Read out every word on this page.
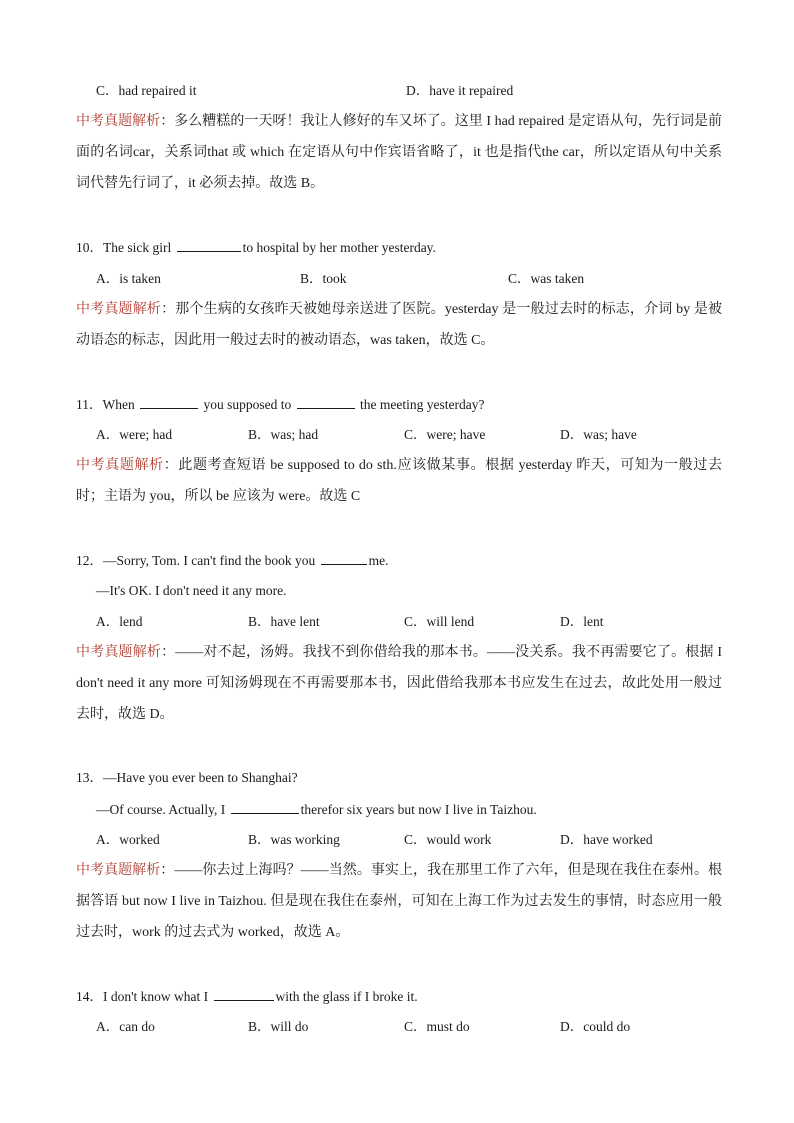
C．had repaired it	D．have it repaired
中考真题解析：多么糟糕的一天呀！我让人修好的车又坏了。这里 I had repaired 是定语从句，先行词是前面的名词car，关系词that 或 which 在定语从句中作宾语省略了，it 也是指代the car，所以定语从句中关系词代替先行词了，it 必须去掉。故选 B。
10．The sick girl	to hospital by her mother yesterday.
A．is taken	B．took	C．was taken
中考真题解析：那个生病的女孩昨天被她母亲送进了医院。yesterday 是一般过去时的标志，介词 by 是被动语态的标志，因此用一般过去时的被动语态，was taken，故选 C。
11．When	you supposed to	the meeting yesterday?
A．were; had	B．was; had	C．were; have	D．was; have
中考真题解析：此题考查短语 be supposed to do sth.应该做某事。根据 yesterday 昨天，可知为一般过去时；主语为 you，所以 be 应该为 were。故选 C
12．—Sorry, Tom. I can't find the book you	me.
—It's OK. I don't need it any more.
A．lend	B．have lent	C．will lend	D．lent
中考真题解析：——对不起，汤姆。我找不到你借给我的那本书。——没关系。我不再需要它了。根据 I don't need it any more 可知汤姆现在不再需要那本书，因此借给我那本书应发生在过去，故此处用一般过去时，故选 D。
13．—Have you ever been to Shanghai?
—Of course. Actually, I	therefor six years but now I live in Taizhou.
A．worked	B．was working	C．would work	D．have worked
中考真题解析：——你去过上海吗？——当然。事实上，我在那里工作了六年，但是现在我住在泰州。根据答语 but now I live in Taizhou. 但是现在我住在泰州，可知在上海工作为过去发生的事情，时态应用一般过去时，work 的过去式为 worked，故选 A。
14．I don't know what I	with the glass if I broke it.
A．can do	B．will do	C．must do	D．could do
